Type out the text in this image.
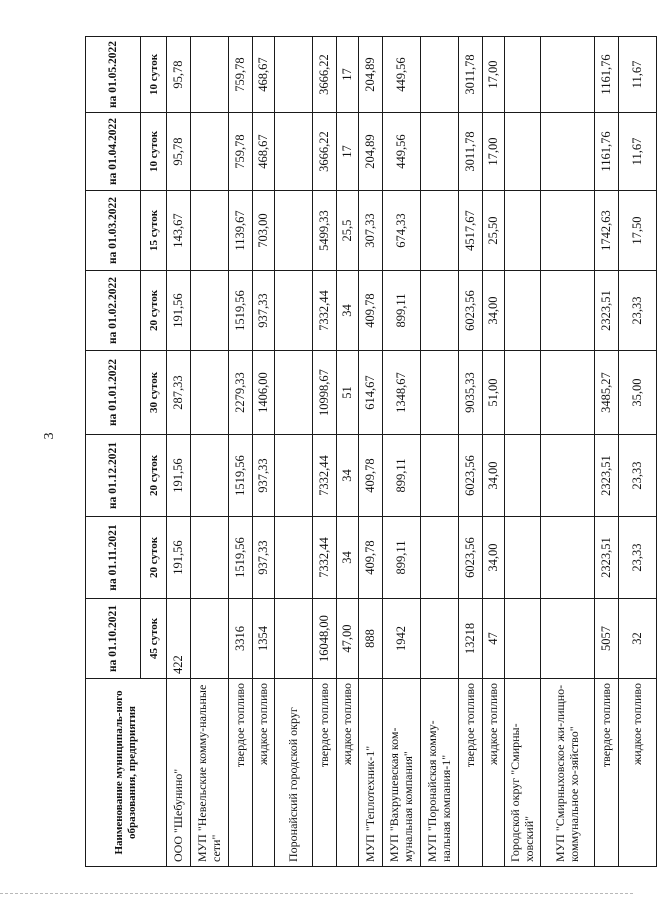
3
Наименование муниципаль-ного образования, предприятия	на 01.10.2021	на 01.11.2021	на 01.12.2021	на 01.01.2022	на 01.02.2022	на 01.03.2022	на 01.04.2022	на 01.05.2022
	45 суток	20 суток	20 суток	30 суток	20 суток	15 суток	10 суток	10 суток
ООО "Шебунино"	422	191,56	191,56	287,33	191,56	143,67	95,78	95,78
МУП "Невельские комму-нальные сети"								
твердое топливо	3316	1519,56	1519,56	2279,33	1519,56	1139,67	759,78	759,78
жидкое топливо	1354	937,33	937,33	1406,00	937,33	703,00	468,67	468,67
Поронайский городской округ								
твердое топливо	16048,00	7332,44	7332,44	10998,67	7332,44	5499,33	3666,22	3666,22
жидкое топливо	47,00	34	34	51	34	25,5	17	17
МУП "Теплотехник-1"	888	409,78	409,78	614,67	409,78	307,33	204,89	204,89
МУП "Вахрушевская ком-мунальная компания"	1942	899,11	899,11	1348,67	899,11	674,33	449,56	449,56
МУП "Поронайская комму-нальная компания-1"								
твердое топливо	13218	6023,56	6023,56	9035,33	6023,56	4517,67	3011,78	3011,78
жидкое топливо	47	34,00	34,00	51,00	34,00	25,50	17,00	17,00
Городской округ "Смирны-ховский"								
МУП "Смирныховское жи-лищно-коммунальное хо-зяйство"								
твердое топливо	5057	2323,51	2323,51	3485,27	2323,51	1742,63	1161,76	1161,76
жидкое топливо	32	23,33	23,33	35,00	23,33	17,50	11,67	11,67
